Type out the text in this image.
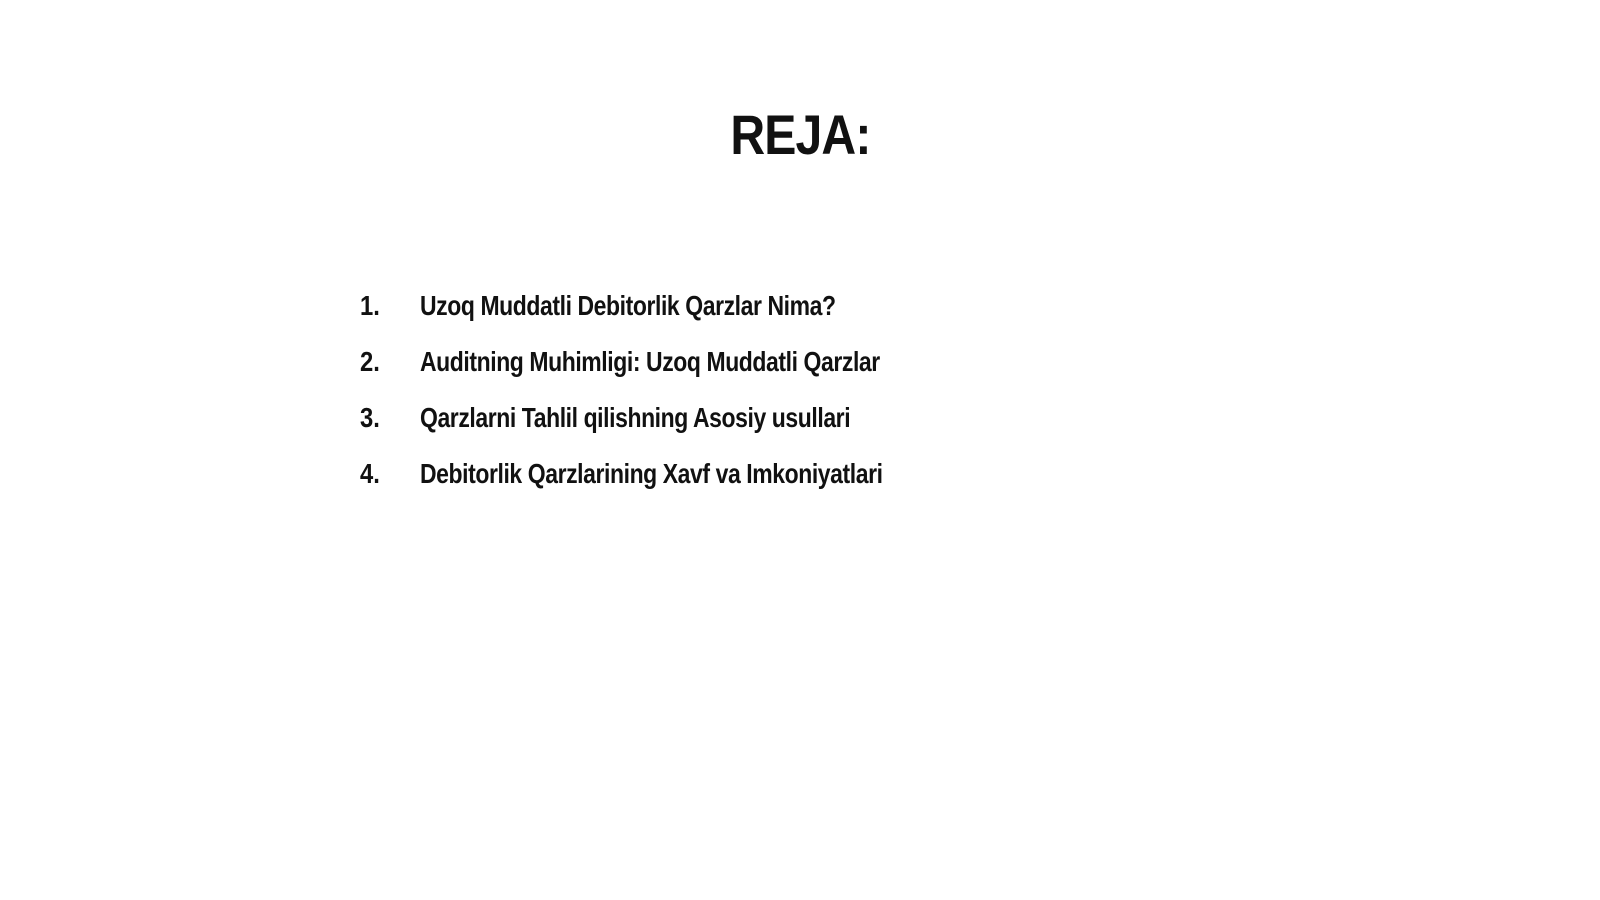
REJA:
1.	Uzoq Muddatli Debitorlik Qarzlar Nima?
2.	Auditning Muhimligi: Uzoq Muddatli Qarzlar
3.	Qarzlarni Tahlil qilishning Asosiy usullari
4.	Debitorlik Qarzlarining Xavf va Imkoniyatlari
